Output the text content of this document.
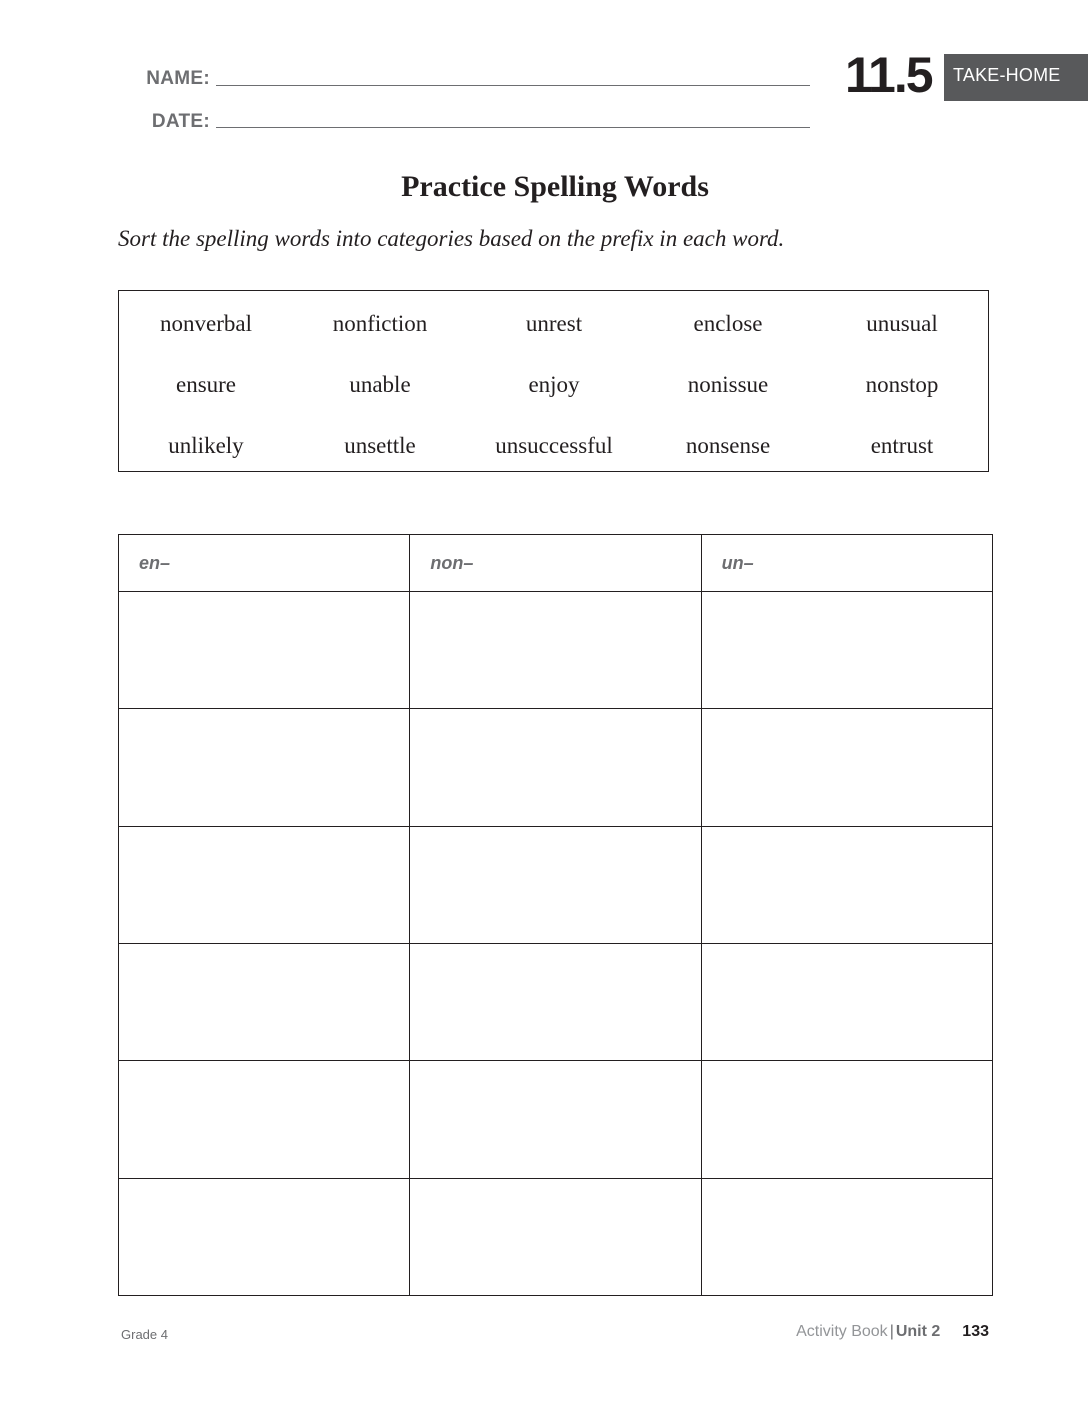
NAME:
DATE:
11.5	TAKE-HOME
Practice Spelling Words
Sort the spelling words into categories based on the prefix in each word.
nonverbal	nonfiction	unrest	enclose	unusual
ensure	unable	enjoy	nonissue	nonstop
unlikely	unsettle	unsuccessful	nonsense	entrust
en–	non–	un–

Grade 4	Activity Book | Unit 2 133
